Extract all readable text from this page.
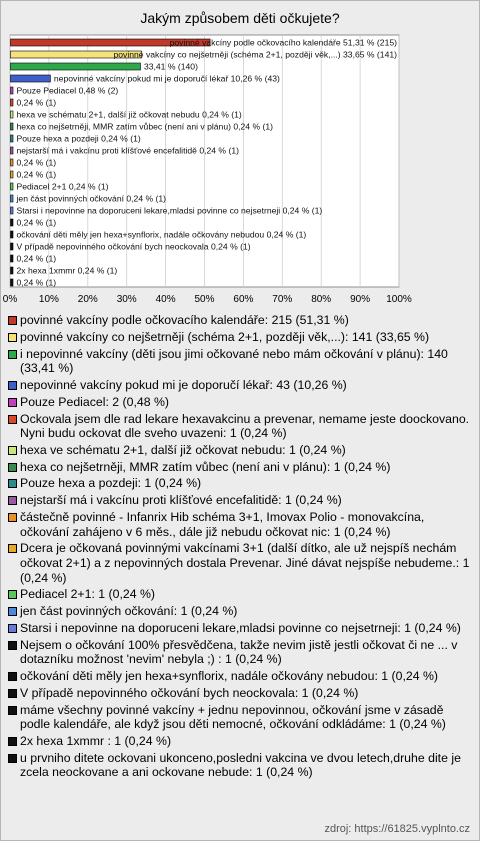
Jakým způsobem děti očkujete?
0% 10% 20% 30% 40% 50% 60% 70% 80% 90% 100%
povinné vakcíny podle očkovacího kalendáře 51,31 % (215)
povinné vakcíny co nejšetrněji (schéma 2+1, později věk,...) 33,65 % (141)
33,41 % (140)
nepovinné vakcíny pokud mi je doporučí lékař 10,26 % (43)
Pouze Pediacel 0,48 % (2)
0,24 % (1)
hexa ve schématu 2+1, další již očkovat nebudu 0,24 % (1)
hexa co nejšetrněji, MMR zatím vůbec (není ani v plánu) 0,24 % (1)
Pouze hexa a pozdeji 0,24 % (1)
nejstarší má i vakcínu proti klíšťové encefalitidě 0,24 % (1)
0,24 % (1)
0,24 % (1)
Pediacel 2+1 0,24 % (1)
jen část povinných očkování 0,24 % (1)
Starsi i nepovinne na doporuceni lekare,mladsi povinne co nejsetrneji 0,24 % (1)
0,24 % (1)
očkování děti měly jen hexa+synflorix, nadále očkovány nebudou 0,24 % (1)
V případě nepovinného očkování bych neockovala 0,24 % (1)
0,24 % (1)
2x hexa 1xmmr 0,24 % (1)
0,24 % (1)
povinné vakcíny podle očkovacího kalendáře: 215 (51,31 %)
povinné vakcíny co nejšetrněji (schéma 2+1, později věk,...): 141 (33,65 %)
i nepovinné vakcíny (děti jsou jimi očkované nebo mám očkování v plánu): 140 (33,41 %)
nepovinné vakcíny pokud mi je doporučí lékař: 43 (10,26 %)
Pouze Pediacel: 2 (0,48 %)
Ockovala jsem dle rad lekare hexavakcinu a prevenar, nemame jeste doockovano. Nyni budu ockovat dle sveho uvazeni: 1 (0,24 %)
hexa ve schématu 2+1, další již očkovat nebudu: 1 (0,24 %)
hexa co nejšetrněji, MMR zatím vůbec (není ani v plánu): 1 (0,24 %)
Pouze hexa a pozdeji: 1 (0,24 %)
nejstarší má i vakcínu proti klíšťové encefalitidě: 1 (0,24 %)
částečně povinné - Infanrix Hib schéma 3+1, Imovax Polio - monovakcína, očkování zahájeno v 6 měs., dále již nebudu očkovat nic: 1 (0,24 %)
Dcera je očkovaná povinnými vakcínami 3+1 (další dítko, ale už nejspíš nechám očkovat 2+1) a z nepovinných dostala Prevenar. Jiné dávat nejspíše nebudeme.: 1 (0,24 %)
Pediacel 2+1: 1 (0,24 %)
jen část povinných očkování: 1 (0,24 %)
Starsi i nepovinne na doporuceni lekare,mladsi povinne co nejsetrneji: 1 (0,24 %)
Nejsem o očkování 100% přesvědčena, takže nevim jistě jestli očkovat či ne ... v dotazníku možnost 'nevim' nebyla ;) : 1 (0,24 %)
očkování děti měly jen hexa+synflorix, nadále očkovány nebudou: 1 (0,24 %)
V případě nepovinného očkování bych neockovala: 1 (0,24 %)
máme všechny povinné vakcíny + jednu nepovinnou, očkování jsme v zásadě podle kalendáře, ale když jsou děti nemocné, očkování odkládáme: 1 (0,24 %)
2x hexa 1xmmr : 1 (0,24 %)
u prvniho ditete ockovani ukonceno,posledni vakcina ve dvou letech,druhe dite je zcela neockovane a ani ockovane nebude: 1 (0,24 %)
zdroj: https://61825.vyplnto.cz
